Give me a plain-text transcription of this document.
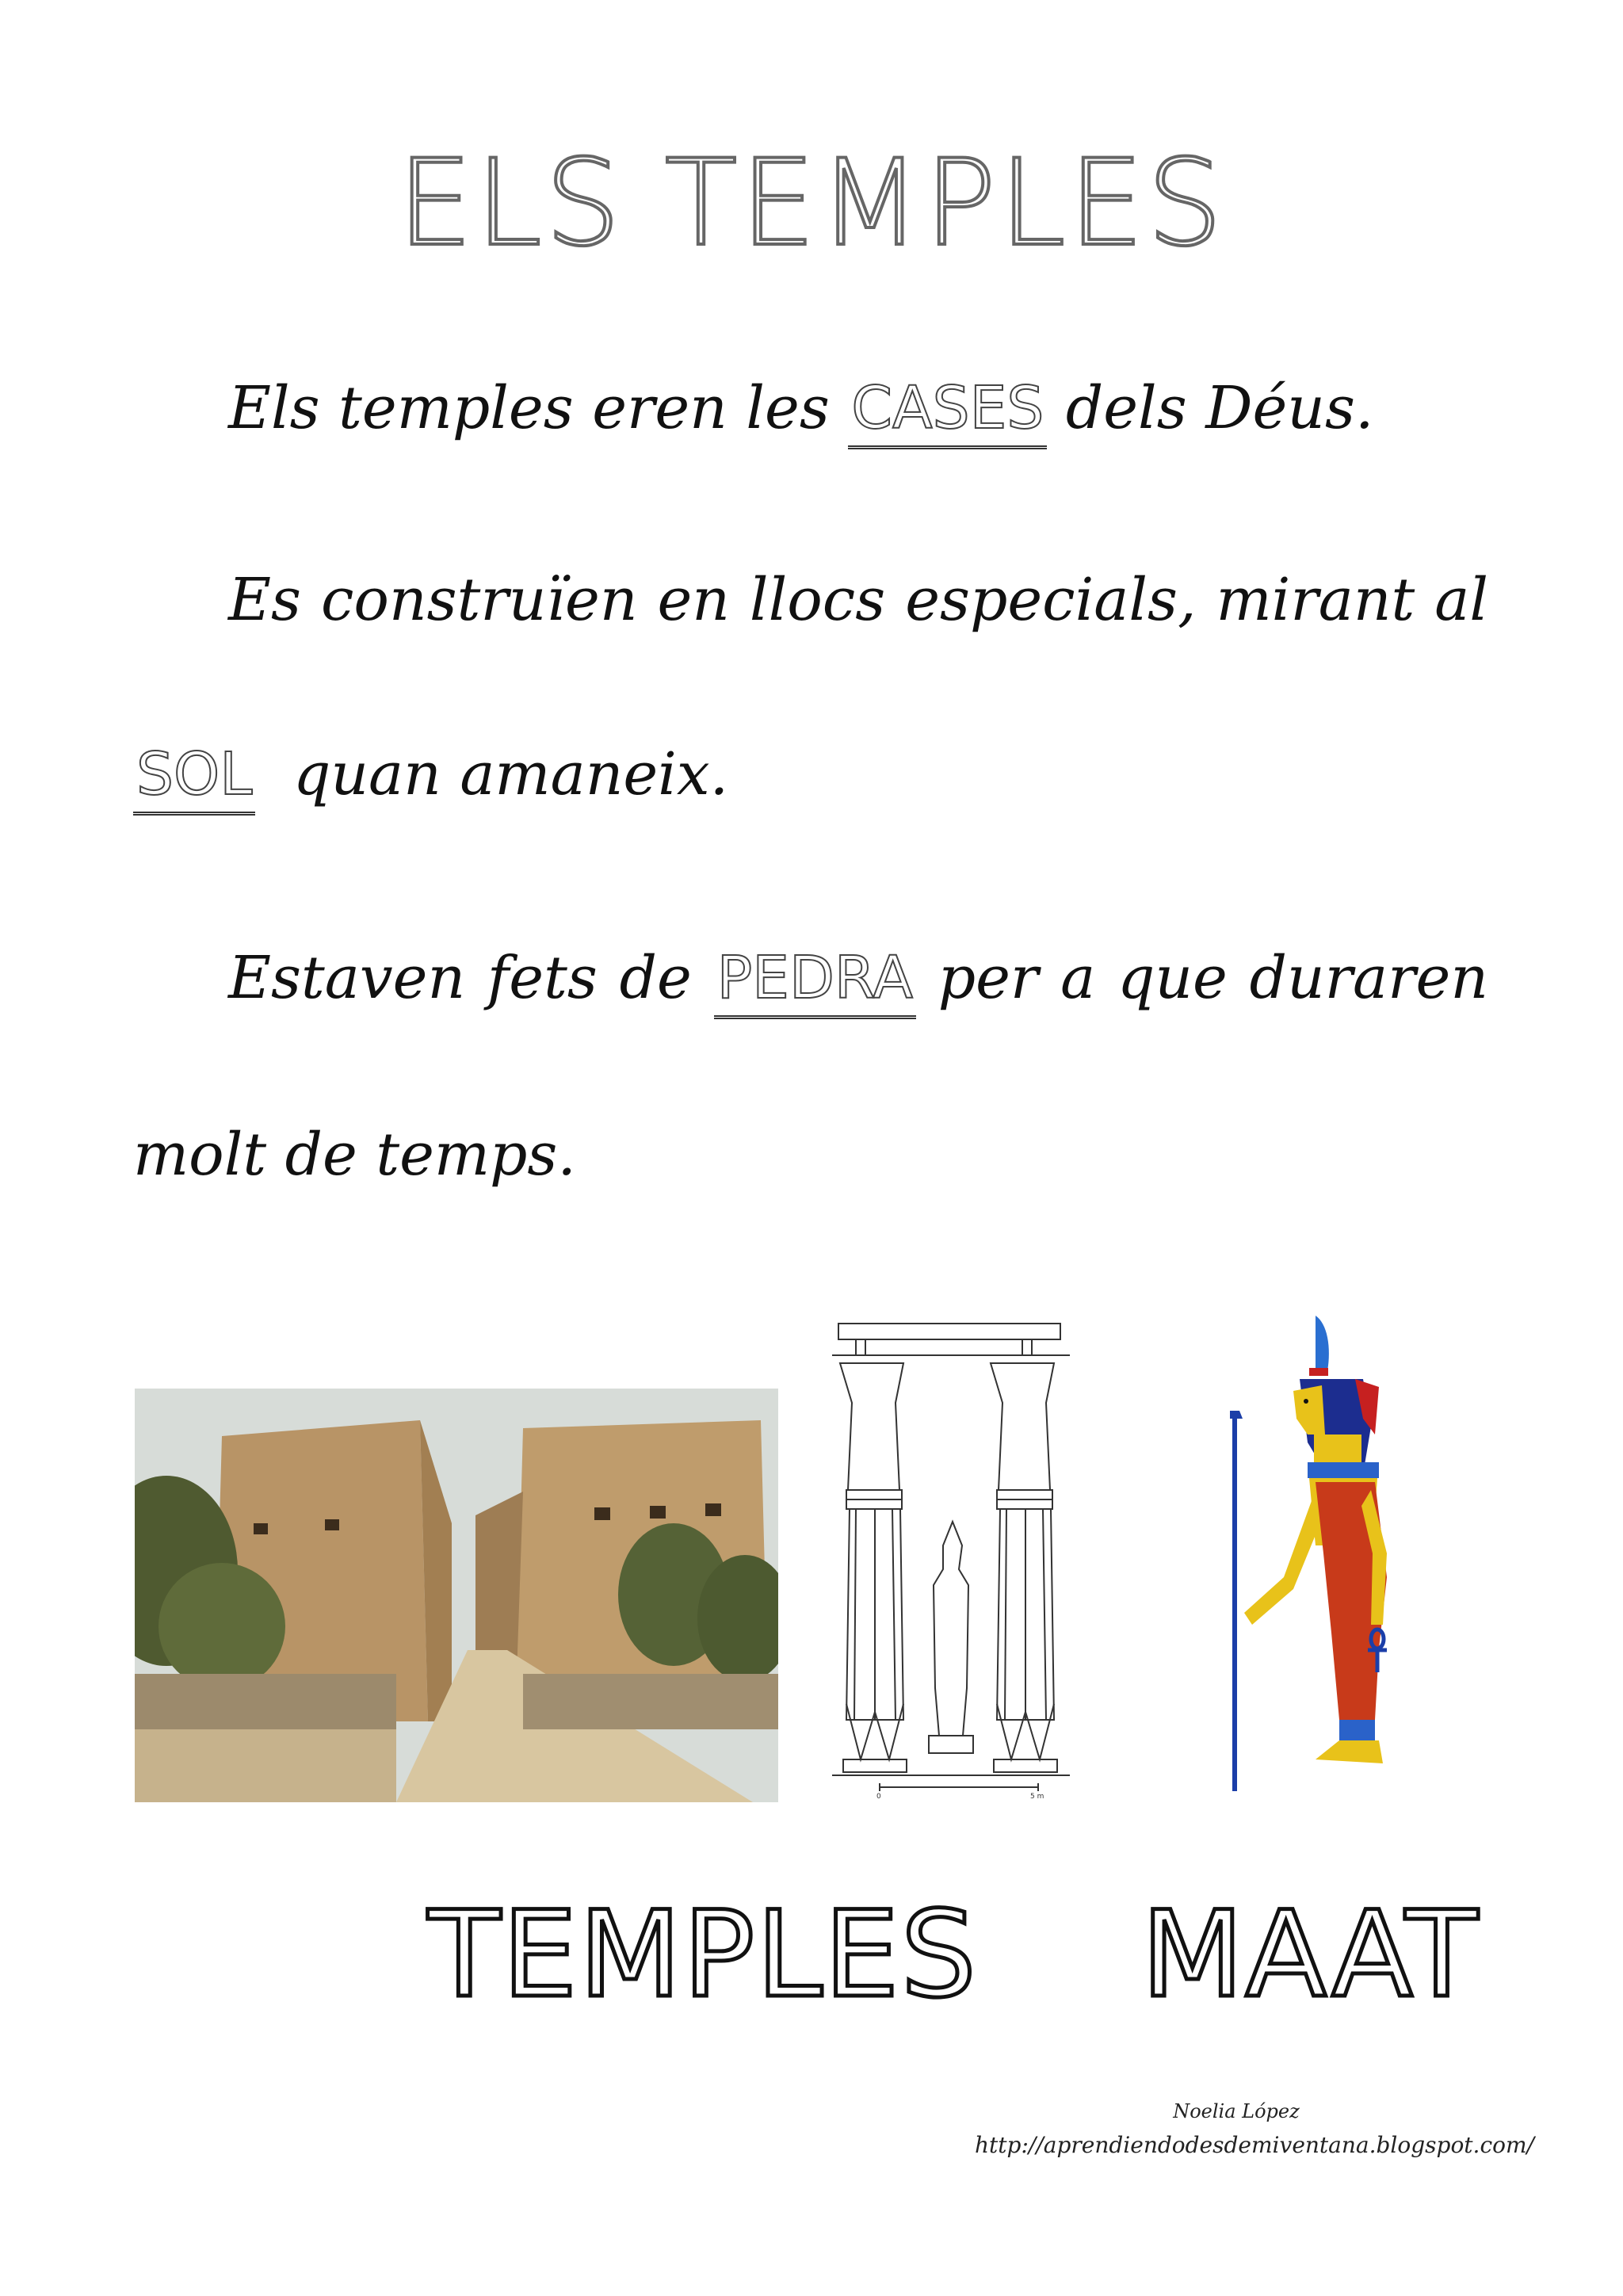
ELS TEMPLES
Els temples eren les CASES dels Déus.
Es construïen en llocs especials, mirant al
SOL quan amaneix.
Estaven fets de PEDRA per a que duraren
molt de temps.
0	5 m
TEMPLES MAAT
Noelia López
http://aprendiendodesdemiventana.blogspot.com/
